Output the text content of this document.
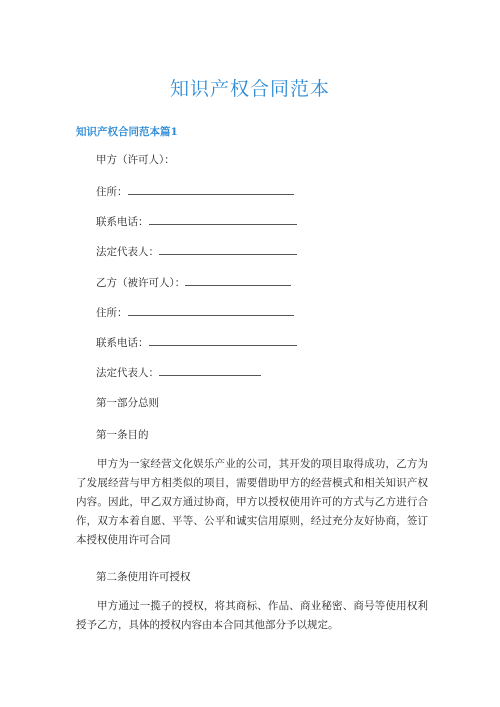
知识产权合同范本
知识产权合同范本篇1
甲方（许可人）：
住所：
联系电话：
法定代表人：
乙方（被许可人）：
住所：
联系电话：
法定代表人：
第一部分总则
第一条目的
甲方为一家经营文化娱乐产业的公司，其开发的项目取得成功，乙方为了发展经营与甲方相类似的项目，需要借助甲方的经营模式和相关知识产权内容。因此，甲乙双方通过协商，甲方以授权使用许可的方式与乙方进行合作，双方本着自愿、平等、公平和诚实信用原则，经过充分友好协商，签订本授权使用许可合同
第二条使用许可授权
甲方通过一揽子的授权，将其商标、作品、商业秘密、商号等使用权利授予乙方，具体的授权内容由本合同其他部分予以规定。
